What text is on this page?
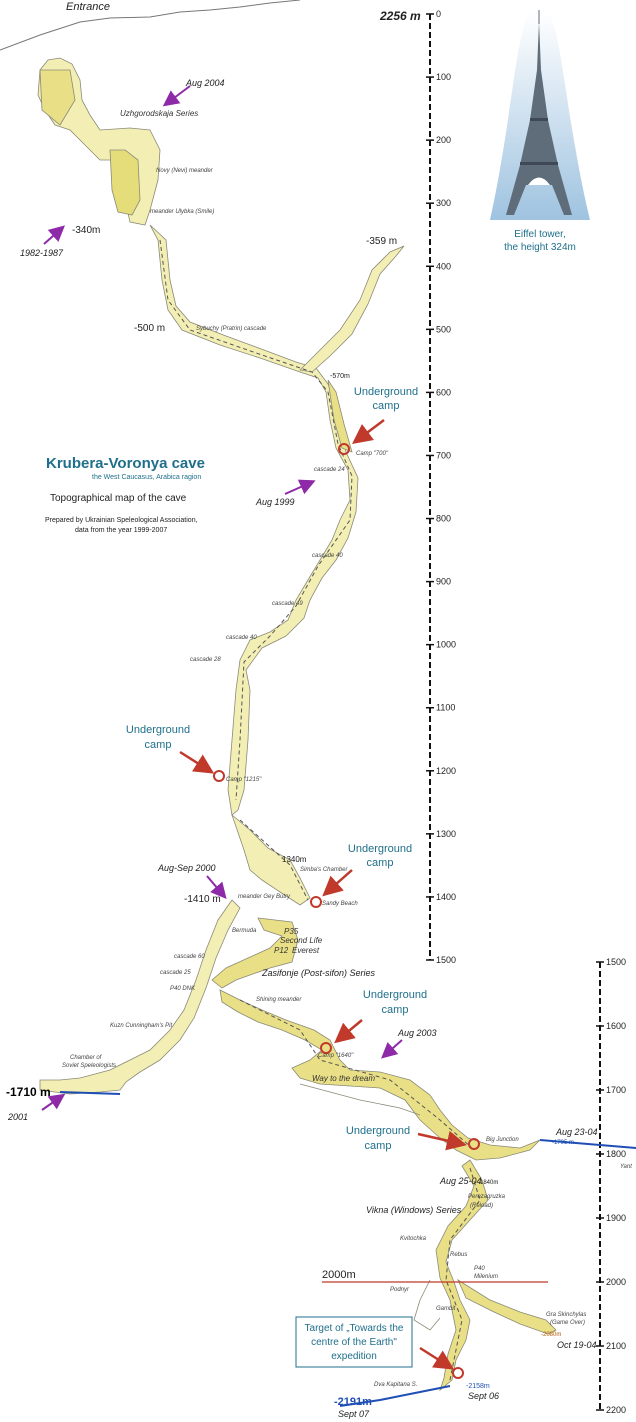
Entrance
2256 m
Eiffel tower,
the height 324m
0
100
200
300
400
500
600
700
800
900
1000
1100
1200
1300
1400
1500	1500
1600
1700
1800
1900
2000
2100
2200
2000m
Underground
camp
Underground
camp
Underground
camp
Underground
camp
Underground
camp
Krubera-Voronya cave
the West Caucasus, Arabica ragion
Topographical map of the cave
Prepared by Ukrainian Speleological Association,
data from the year 1999-2007
-340m
-359 m
-500 m
-570m
1340m
-1410 m
-1710 m
-1795 m
-1840m
-2080m
-2158m
-2191m
Aug 2004
1982-1987
Aug 1999
Aug-Sep 2000
Aug 2003
2001
Aug 23-04
Aug 25-04
Oct 19-04
Sept 06
Sept 07
Uzhgorodskaja Series
Novy (Nevi) meander
meander Ulybka (Smile)
Sybuchy (Pratrin) cascade
Camp "700"
cascade 24
cascade 40
cascade 49
cascade 40
cascade 28
Camp "1215"
Simba's Chamber
Sandy Beach
meander Gey Butry
Bermuda	P35
Second Life
P12 Everest
Zasifonje (Post-sifon) Series
Shining meander
cascade 60
cascade 25
P40 DNK
Kuzn Cunningham's Pit
Chamber of
Soviet Speleologists
Camp "1640"
Way to the dream
Big Junction
Perezagruzka
(Reload)
Vikna (Windows) Series
Kvitochka
Rebus
P40
Milenium
Podnyr
Gambit
Gra Skinchylas
(Game Over)
Dva Kapitana S.
Yant
Target of „Towards the
centre of the Earth"
expedition
